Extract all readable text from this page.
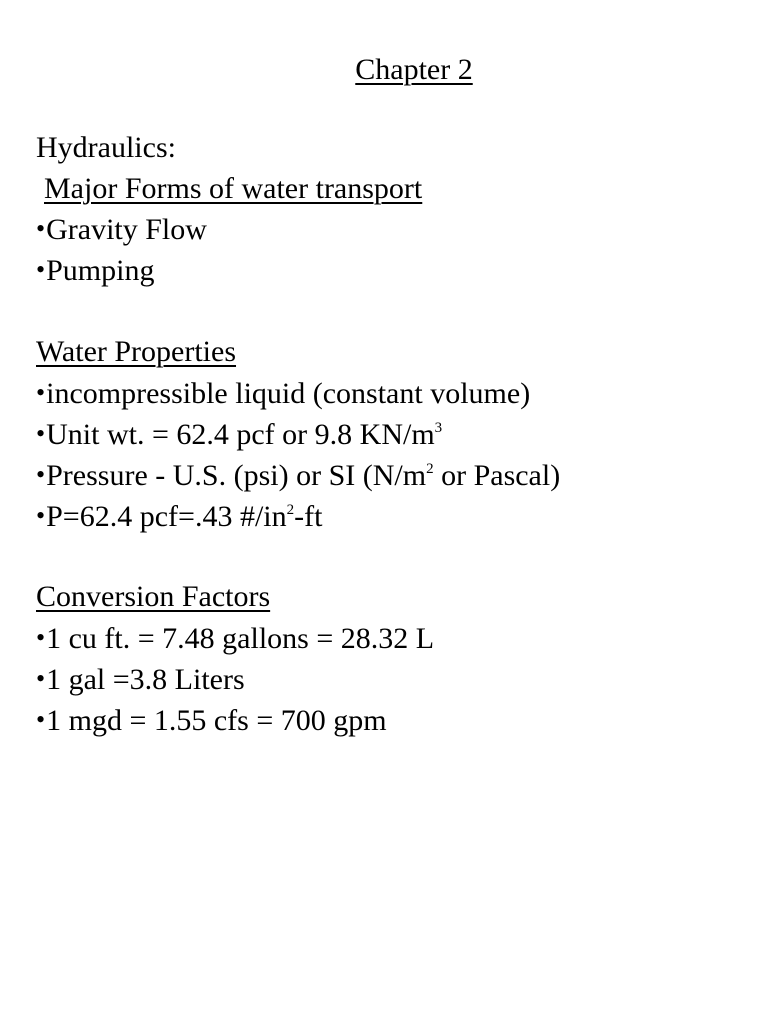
Chapter 2

Hydraulics:

Major Forms of water transport

•Gravity Flow

•Pumping

Water Properties

•incompressible liquid (constant volume)

•Unit wt. = 62.4 pcf or 9.8 $KN/m^3$

•Pressure - U.S. (psi) or SI ($N/m^2$ or Pascal)

•P=62.4 pcf=.43 $\#/in^2-ft$

Conversion Factors

•1 cu ft. = 7.48 gallons = 28.32 L

•1 gal =3.8 Liters

•1 mgd = 1.55 cfs = 700 gpm
